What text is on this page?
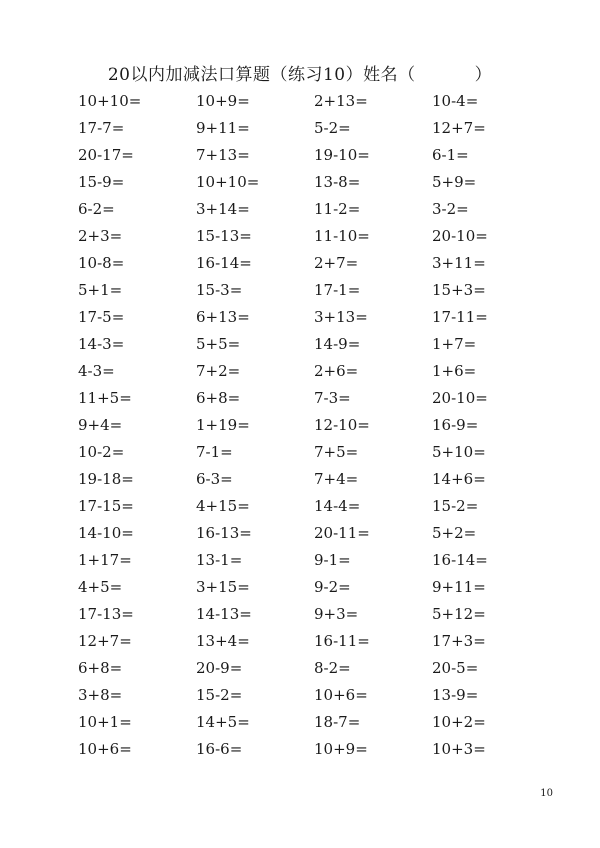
20以内加减法口算题（练习10）姓名（          ）
10+10=	10+9=	2+13=	10-4=
17-7=	9+11=	5-2=	12+7=
20-17=	7+13=	19-10=	6-1=
15-9=	10+10=	13-8=	5+9=
6-2=	3+14=	11-2=	3-2=
2+3=	15-13=	11-10=	20-10=
10-8=	16-14=	2+7=	3+11=
5+1=	15-3=	17-1=	15+3=
17-5=	6+13=	3+13=	17-11=
14-3=	5+5=	14-9=	1+7=
4-3=	7+2=	2+6=	1+6=
11+5=	6+8=	7-3=	20-10=
9+4=	1+19=	12-10=	16-9=
10-2=	7-1=	7+5=	5+10=
19-18=	6-3=	7+4=	14+6=
17-15=	4+15=	14-4=	15-2=
14-10=	16-13=	20-11=	5+2=
1+17=	13-1=	9-1=	16-14=
4+5=	3+15=	9-2=	9+11=
17-13=	14-13=	9+3=	5+12=
12+7=	13+4=	16-11=	17+3=
6+8=	20-9=	8-2=	20-5=
3+8=	15-2=	10+6=	13-9=
10+1=	14+5=	18-7=	10+2=
10+6=	16-6=	10+9=	10+3=
10
